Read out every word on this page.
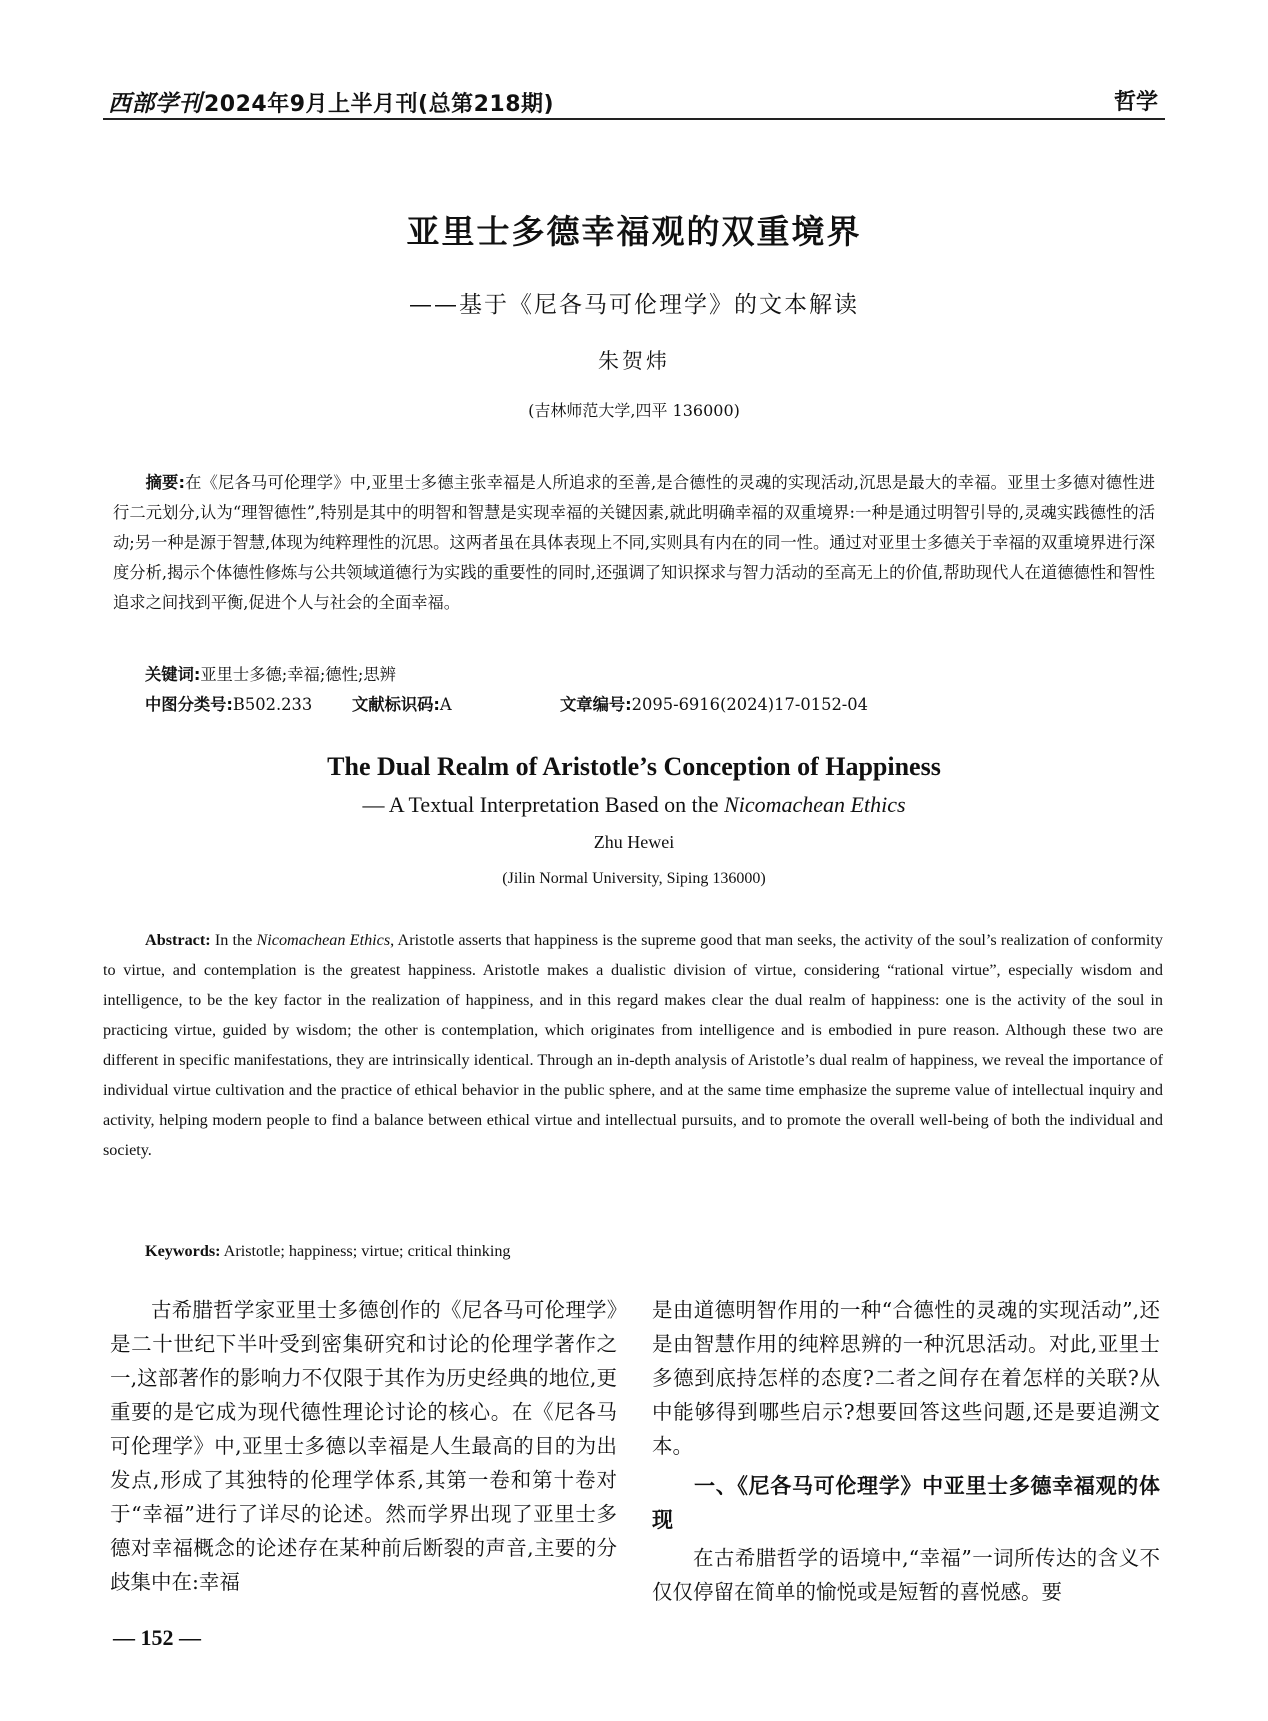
西部学刊2024年9月上半月刊(总第218期)	哲学
亚里士多德幸福观的双重境界
——基于《尼各马可伦理学》的文本解读
朱贺炜
(吉林师范大学,四平 136000)
摘要:在《尼各马可伦理学》中,亚里士多德主张幸福是人所追求的至善,是合德性的灵魂的实现活动,沉思是最大的幸福。亚里士多德对德性进行二元划分,认为“理智德性”,特别是其中的明智和智慧是实现幸福的关键因素,就此明确幸福的双重境界:一种是通过明智引导的,灵魂实践德性的活动;另一种是源于智慧,体现为纯粹理性的沉思。这两者虽在具体表现上不同,实则具有内在的同一性。通过对亚里士多德关于幸福的双重境界进行深度分析,揭示个体德性修炼与公共领域道德行为实践的重要性的同时,还强调了知识探求与智力活动的至高无上的价值,帮助现代人在道德德性和智性追求之间找到平衡,促进个人与社会的全面幸福。
关键词:亚里士多德;幸福;德性;思辨
中图分类号:B502.233 文献标识码:A	文章编号:2095-6916(2024)17-0152-04
The Dual Realm of Aristotle’s Conception of Happiness
— A Textual Interpretation Based on the Nicomachean Ethics
Zhu Hewei
(Jilin Normal University, Siping 136000)
Abstract: In the Nicomachean Ethics, Aristotle asserts that happiness is the supreme good that man seeks, the activity of the soul’s realization of conformity to virtue, and contemplation is the greatest happiness. Aristotle makes a dualistic division of virtue, considering “rational virtue”, especially wisdom and intelligence, to be the key factor in the realization of happiness, and in this regard makes clear the dual realm of happiness: one is the activity of the soul in practicing virtue, guided by wisdom; the other is contemplation, which originates from intelligence and is embodied in pure reason. Although these two are different in specific manifestations, they are intrinsically identical. Through an in-depth analysis of Aristotle’s dual realm of happiness, we reveal the importance of individual virtue cultivation and the practice of ethical behavior in the public sphere, and at the same time emphasize the supreme value of intellectual inquiry and activity, helping modern people to find a balance between ethical virtue and intellectual pursuits, and to promote the overall well-being of both the individual and society.
Keywords: Aristotle; happiness; virtue; critical thinking

古希腊哲学家亚里士多德创作的《尼各马可伦理学》是二十世纪下半叶受到密集研究和讨论的伦理学著作之一,这部著作的影响力不仅限于其作为历史经典的地位,更重要的是它成为现代德性理论讨论的核心。在《尼各马可伦理学》中,亚里士多德以幸福是人生最高的目的为出发点,形成了其独特的伦理学体系,其第一卷和第十卷对于“幸福”进行了详尽的论述。然而学界出现了亚里士多德对幸福概念的论述存在某种前后断裂的声音,主要的分歧集中在:幸福

是由道德明智作用的一种“合德性的灵魂的实现活动”,还是由智慧作用的纯粹思辨的一种沉思活动。对此,亚里士多德到底持怎样的态度?二者之间存在着怎样的关联?从中能够得到哪些启示?想要回答这些问题,还是要追溯文本。

一、《尼各马可伦理学》中亚里士多德幸福观的体现

在古希腊哲学的语境中,“幸福”一词所传达的含义不仅仅停留在简单的愉悦或是短暂的喜悦感。要

— 152 —
